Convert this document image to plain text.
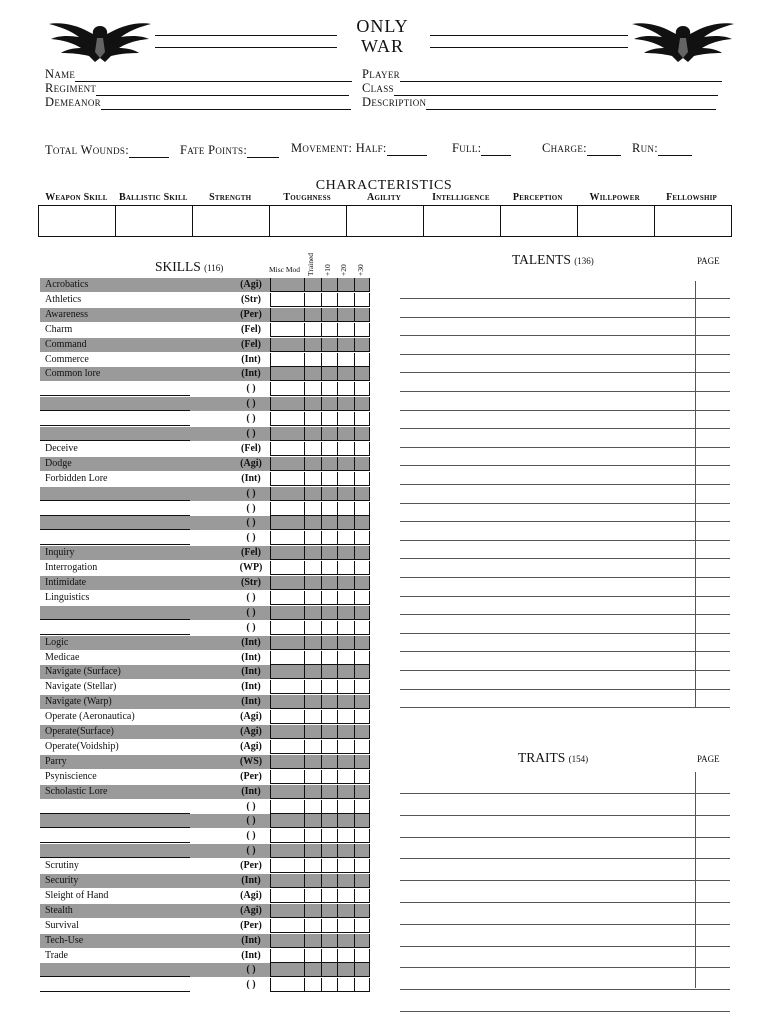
ONLY
WAR
Name
Regiment
Demeanor
Player
Class
Description
Total Wounds:	Fate Points:	Movement: Half:	Full:	Charge:	Run:
CHARACTERISTICS
Weapon Skill	Ballistic Skill	Strength	Toughness	Agility	Intelligence	Perception	Willpower	Fellowship
SKILLS (116)	Misc Mod Trained +10 +20 +30
Acrobatics	(Agi)
Athletics	(Str)
Awareness	(Per)
Charm	(Fel)
Command	(Fel)
Commerce	(Int)
Common lore	(Int)
( )
( )
( )
( )
Deceive	(Fel)
Dodge	(Agi)
Forbidden Lore	(Int)
( )
( )
( )
( )
Inquiry	(Fel)
Interrogation	(WP)
Intimidate	(Str)
Linguistics	( )
( )
( )
Logic	(Int)
Medicae	(Int)
Navigate (Surface)	(Int)
Navigate (Stellar)	(Int)
Navigate (Warp)	(Int)
Operate (Aeronautica)	(Agi)
Operate(Surface)	(Agi)
Operate(Voidship)	(Agi)
Parry	(WS)
Psyniscience	(Per)
Scholastic Lore	(Int)
( )
( )
( )
( )
Scrutiny	(Per)
Security	(Int)
Sleight of Hand	(Agi)
Stealth	(Agi)
Survival	(Per)
Tech-Use	(Int)
Trade	(Int)
( )
( )
TALENTS (136)	PAGE
TRAITS (154)	PAGE
